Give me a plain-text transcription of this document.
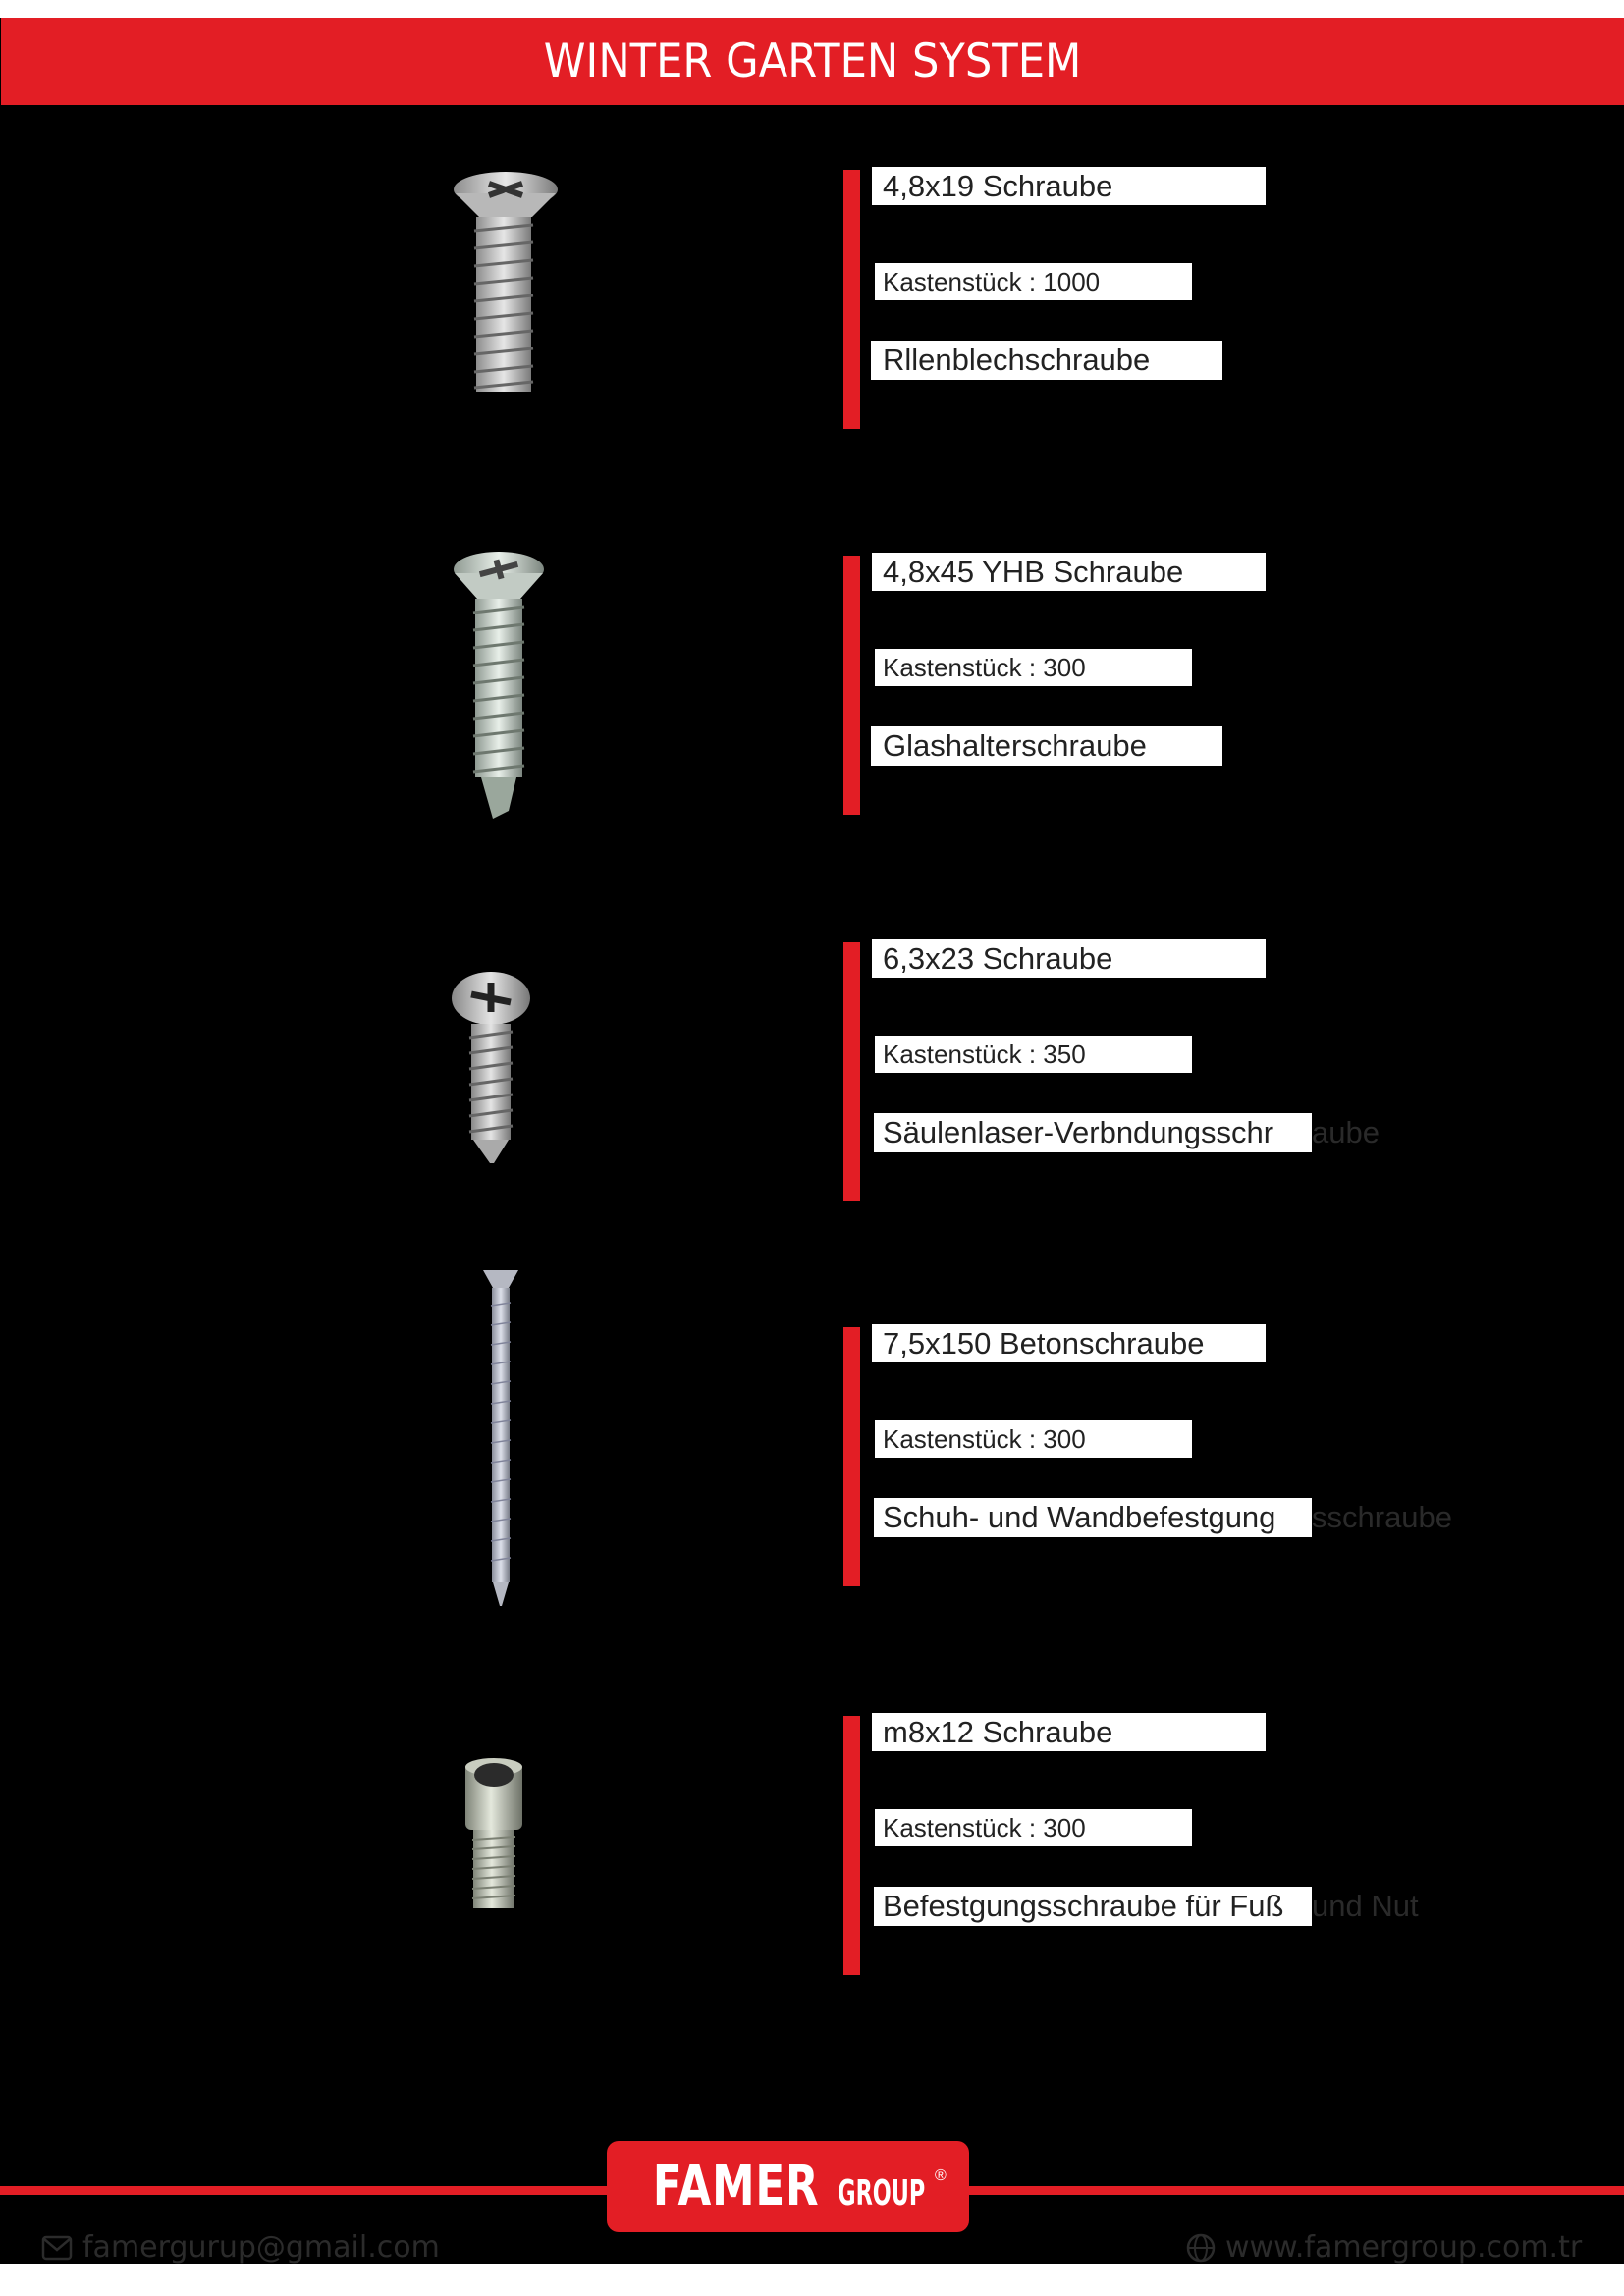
WINTER GARTEN SYSTEM
4,8x19 Schraube
Kastenstück : 1000
Rllenblechschraube
4,8x45 YHB Schraube
Kastenstück : 300
Glashalterschraube
6,3x23 Schraube
Kastenstück : 350
Säulenlaser-Verbndungsschr aube
7,5x150 Betonschraube
Kastenstück : 300
Schuh- und Wandbefestgung sschraube
m8x12 Schraube
Kastenstück : 300
Befestgungsschraube für Fuß und Nut
FAMER GROUP ®
famergurup@gmail.com	www.famergroup.com.tr
